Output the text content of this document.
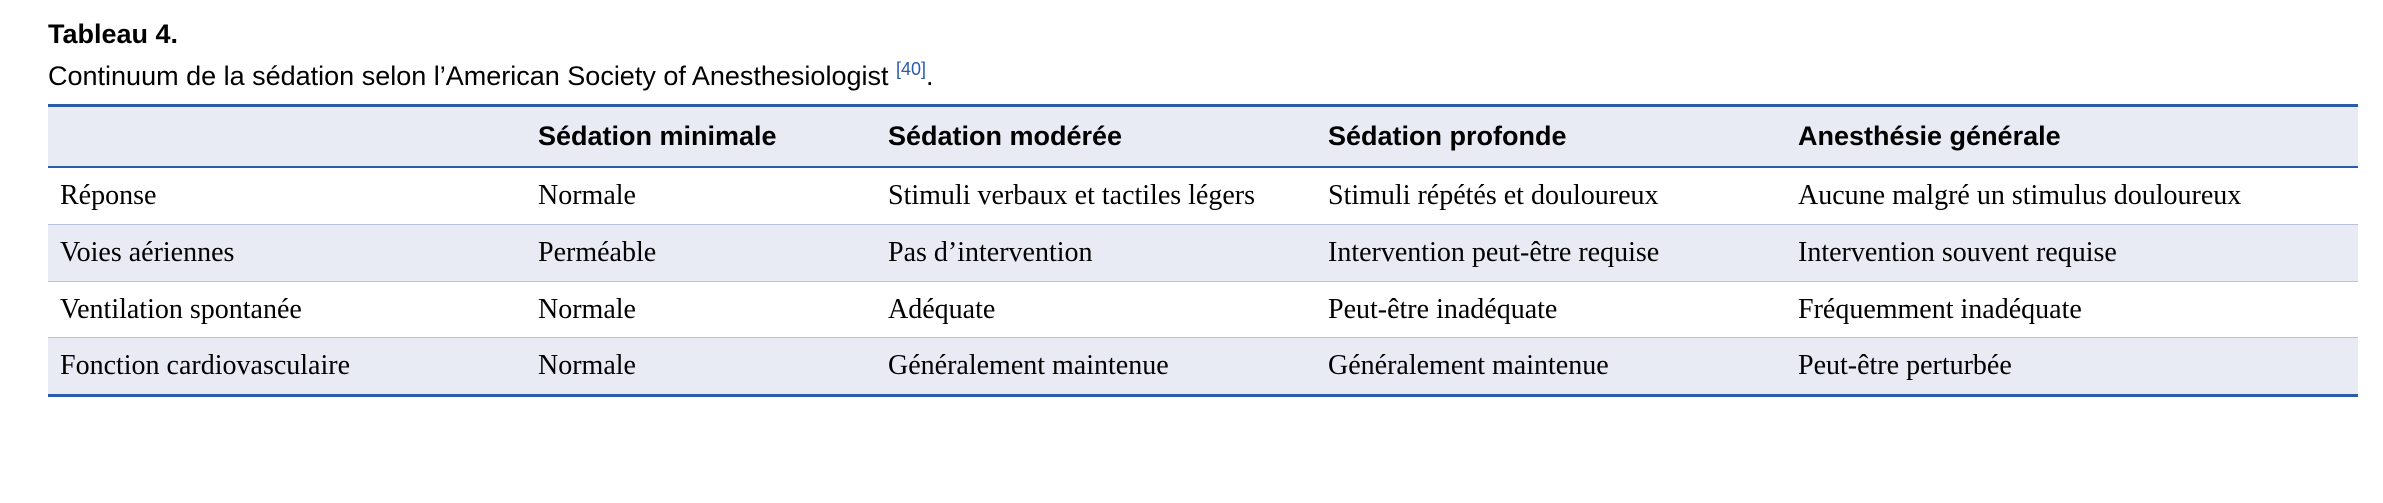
Tableau 4.
Continuum de la sédation selon l’American Society of Anesthesiologist [40].
	Sédation minimale	Sédation modérée	Sédation profonde	Anesthésie générale
Réponse	Normale	Stimuli verbaux et tactiles légers	Stimuli répétés et douloureux	Aucune malgré un stimulus douloureux
Voies aériennes	Perméable	Pas d’intervention	Intervention peut-être requise	Intervention souvent requise
Ventilation spontanée	Normale	Adéquate	Peut-être inadéquate	Fréquemment inadéquate
Fonction cardiovasculaire	Normale	Généralement maintenue	Généralement maintenue	Peut-être perturbée
